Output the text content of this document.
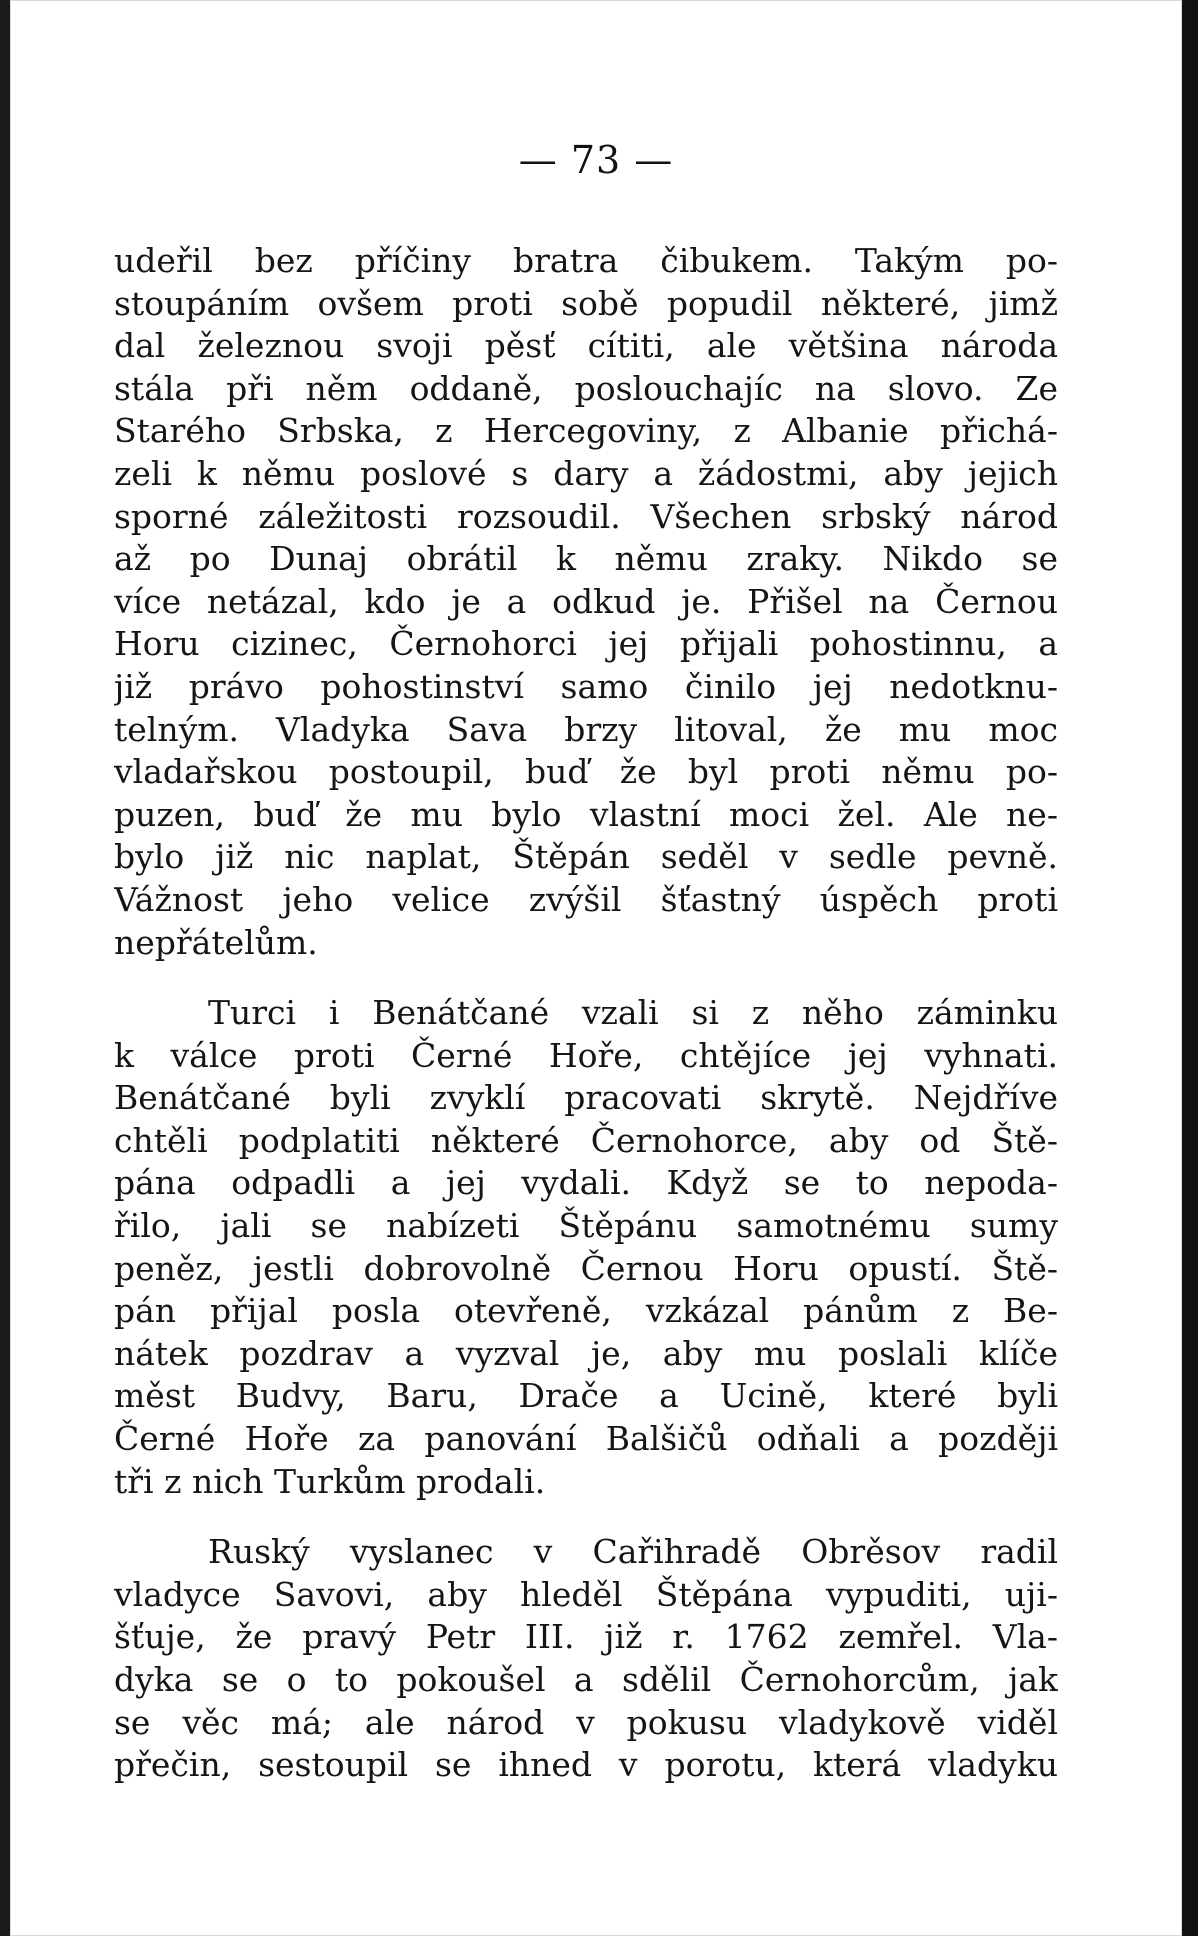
— 73 —
udeřil bez příčiny bratra čibukem. Takým po-
stoupáním ovšem proti sobě popudil některé, jimž
dal železnou svoji pěsť cítiti, ale většina národa
stála při něm oddaně, poslouchajíc na slovo. Ze
Starého Srbska, z Hercegoviny, z Albanie přichá-
zeli k němu poslové s dary a žádostmi, aby jejich
sporné záležitosti rozsoudil. Všechen srbský národ
až po Dunaj obrátil k němu zraky. Nikdo se
více netázal, kdo je a odkud je. Přišel na Černou
Horu cizinec, Černohorci jej přijali pohostinnu, a
již právo pohostinství samo činilo jej nedotknu-
telným. Vladyka Sava brzy litoval, že mu moc
vladařskou postoupil, buď že byl proti němu po-
puzen, buď že mu bylo vlastní moci žel. Ale ne-
bylo již nic naplat, Štěpán seděl v sedle pevně.
Vážnost jeho velice zvýšil šťastný úspěch proti
nepřátelům.
Turci i Benátčané vzali si z něho záminku
k válce proti Černé Hoře, chtějíce jej vyhnati.
Benátčané byli zvyklí pracovati skrytě. Nejdříve
chtěli podplatiti některé Černohorce, aby od Ště-
pána odpadli a jej vydali. Když se to nepoda-
řilo, jali se nabízeti Štěpánu samotnému sumy
peněz, jestli dobrovolně Černou Horu opustí. Ště-
pán přijal posla otevřeně, vzkázal pánům z Be-
nátek pozdrav a vyzval je, aby mu poslali klíče
měst Budvy, Baru, Drače a Ucině, které byli
Černé Hoře za panování Balšičů odňali a později
tři z nich Turkům prodali.
Ruský vyslanec v Cařihradě Obrěsov radil
vladyce Savovi, aby hleděl Štěpána vypuditi, uji-
šťuje, že pravý Petr III. již r. 1762 zemřel. Vla-
dyka se o to pokoušel a sdělil Černohorcům, jak
se věc má; ale národ v pokusu vladykově viděl
přečin, sestoupil se ihned v porotu, která vladyku
